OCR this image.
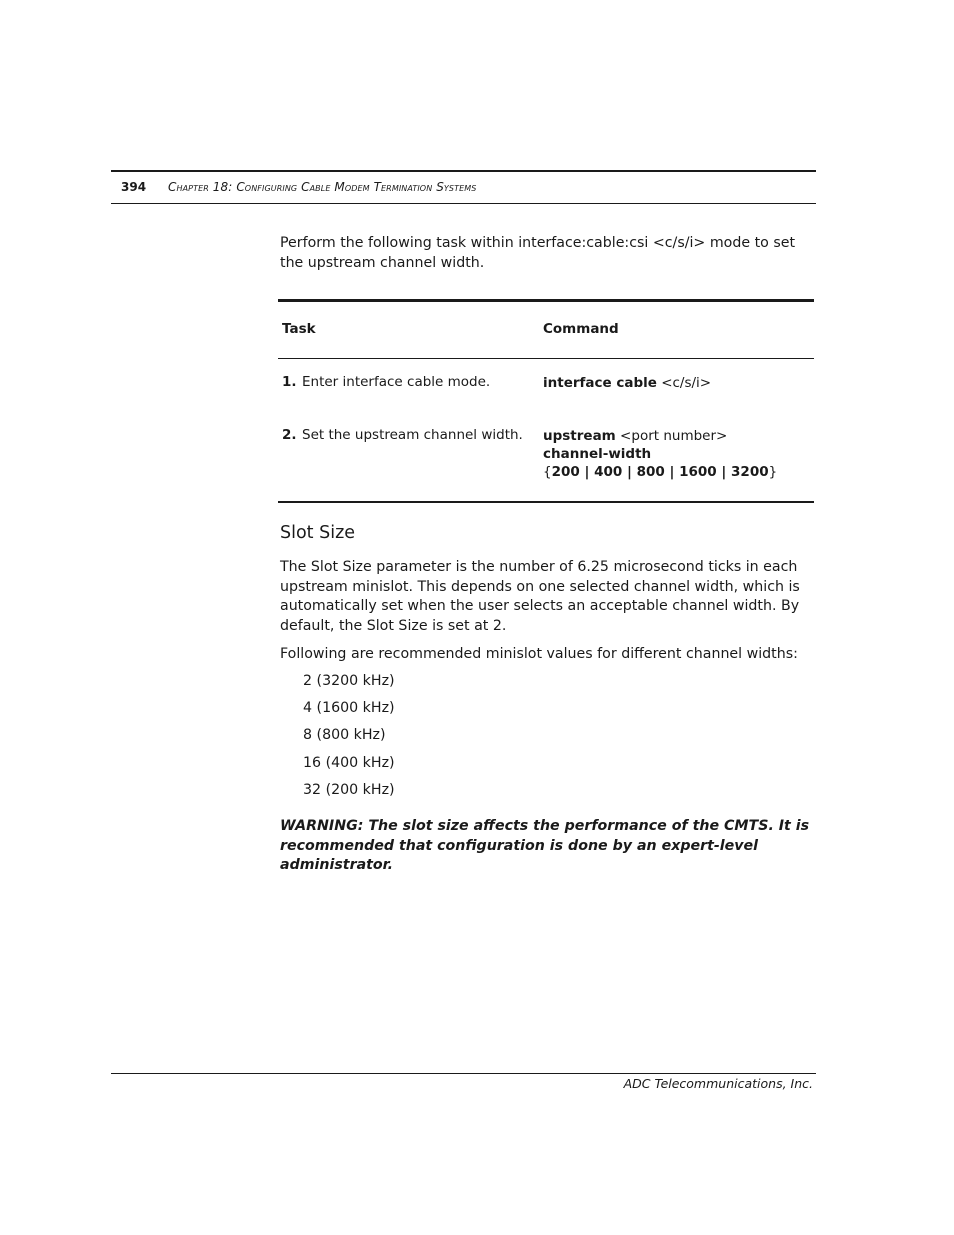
394 Chapter 18: Configuring Cable Modem Termination Systems

Perform the following task within interface:cable:csi <c/s/i> mode to set the upstream channel width.

Task	Command
1. Enter interface cable mode.	interface cable <c/s/i>
2. Set the upstream channel width. upstream <port number>
channel-width
{200 | 400 | 800 | 1600 | 3200}
Slot Size

The Slot Size parameter is the number of 6.25 microsecond ticks in each upstream minislot. This depends on one selected channel width, which is automatically set when the user selects an acceptable channel width. By default, the Slot Size is set at 2.

Following are recommended minislot values for different channel widths:

2 (3200 kHz)
4 (1600 kHz)
8 (800 kHz)
16 (400 kHz)
32 (200 kHz)

WARNING: The slot size affects the performance of the CMTS. It is recommended that configuration is done by an expert-level administrator.

ADC Telecommunications, Inc.
